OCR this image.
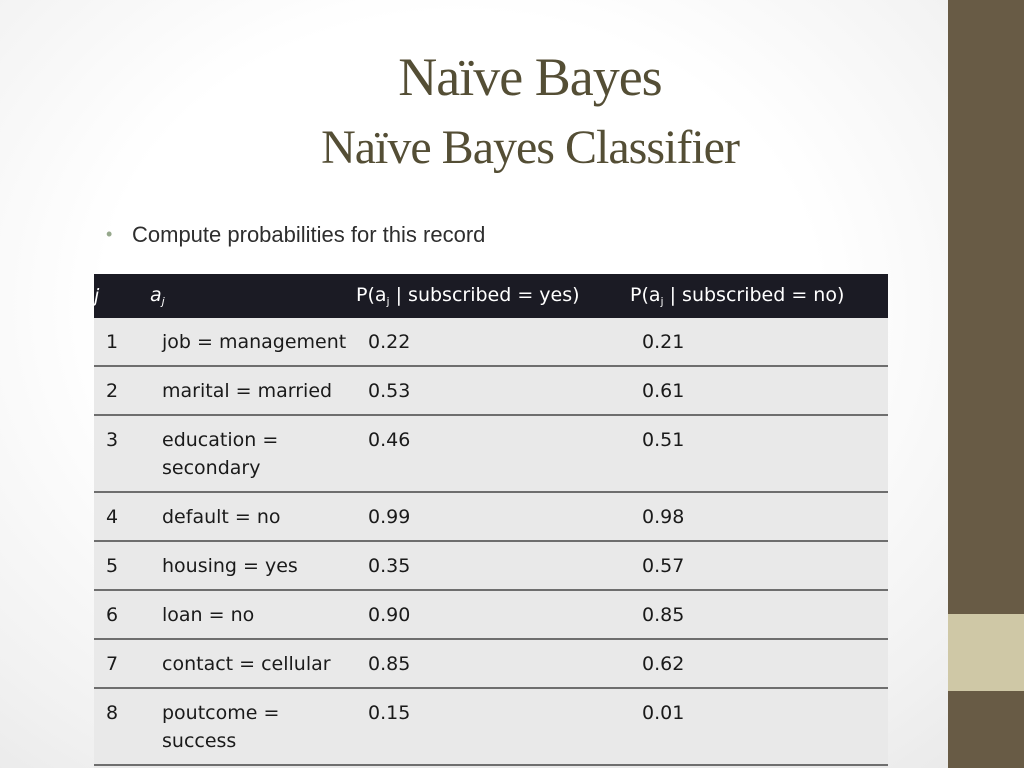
Naïve Bayes
Naïve Bayes Classifier
• Compute probabilities for this record
j	$a_j$	$P(a_j$ | subscribed = yes)	$P(a_j$ | subscribed = no)
1	job = management	0.22	0.21
2	marital = married	0.53	0.61
3	education =
secondary	0.46	0.51
4	default = no	0.99	0.98
5	housing = yes	0.35	0.57
6	loan = no	0.90	0.85
7	contact = cellular	0.85	0.62
8	poutcome =
success	0.15	0.01
